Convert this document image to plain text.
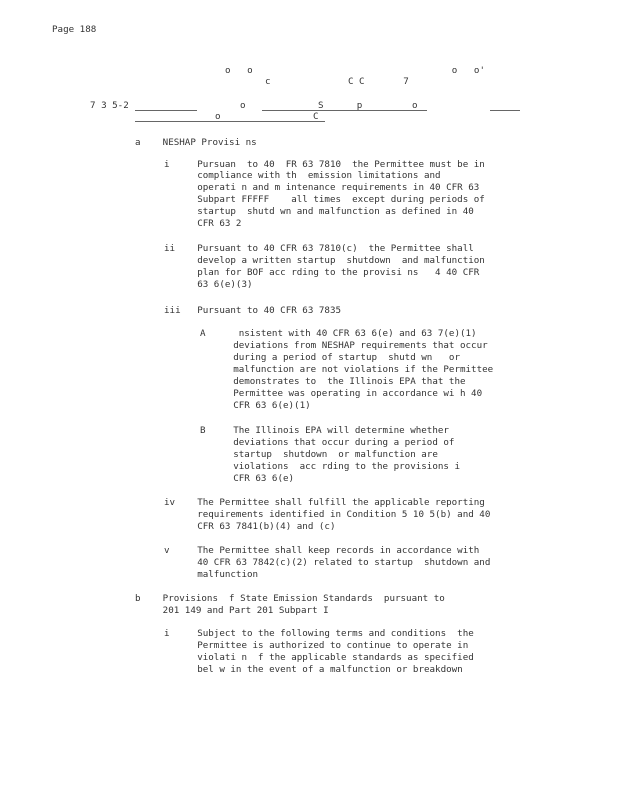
Page 188
o   o                                    o   o'
c              C C       7
7 3 5-2	o	S      p         o
o	C
a    NESHAP Provisi ns
i     Pursuan  to 40  FR 63 7810  the Permittee must be in
compliance with th  emission limitations and
operati n and m intenance requirements in 40 CFR 63
Subpart FFFFF    all times  except during periods of
startup  shutd wn and malfunction as defined in 40
CFR 63 2
ii    Pursuant to 40 CFR 63 7810(c)  the Permittee shall
develop a written startup  shutdown  and malfunction
plan for BOF acc rding to the provisi ns   4 40 CFR
63 6(e)(3)
iii   Pursuant to 40 CFR 63 7835
A      nsistent with 40 CFR 63 6(e) and 63 7(e)(1)
deviations from NESHAP requirements that occur
during a period of startup  shutd wn   or
malfunction are not violations if the Permittee
demonstrates to  the Illinois EPA that the
Permittee was operating in accordance wi h 40
CFR 63 6(e)(1)
B     The Illinois EPA will determine whether
deviations that occur during a period of
startup  shutdown  or malfunction are
violations  acc rding to the provisions i
CFR 63 6(e)
iv    The Permittee shall fulfill the applicable reporting
requirements identified in Condition 5 10 5(b) and 40
CFR 63 7841(b)(4) and (c)
v     The Permittee shall keep records in accordance with
40 CFR 63 7842(c)(2) related to startup  shutdown and
malfunction
b    Provisions  f State Emission Standards  pursuant to
201 149 and Part 201 Subpart I
i     Subject to the following terms and conditions  the
Permittee is authorized to continue to operate in
violati n  f the applicable standards as specified
bel w in the event of a malfunction or breakdown
